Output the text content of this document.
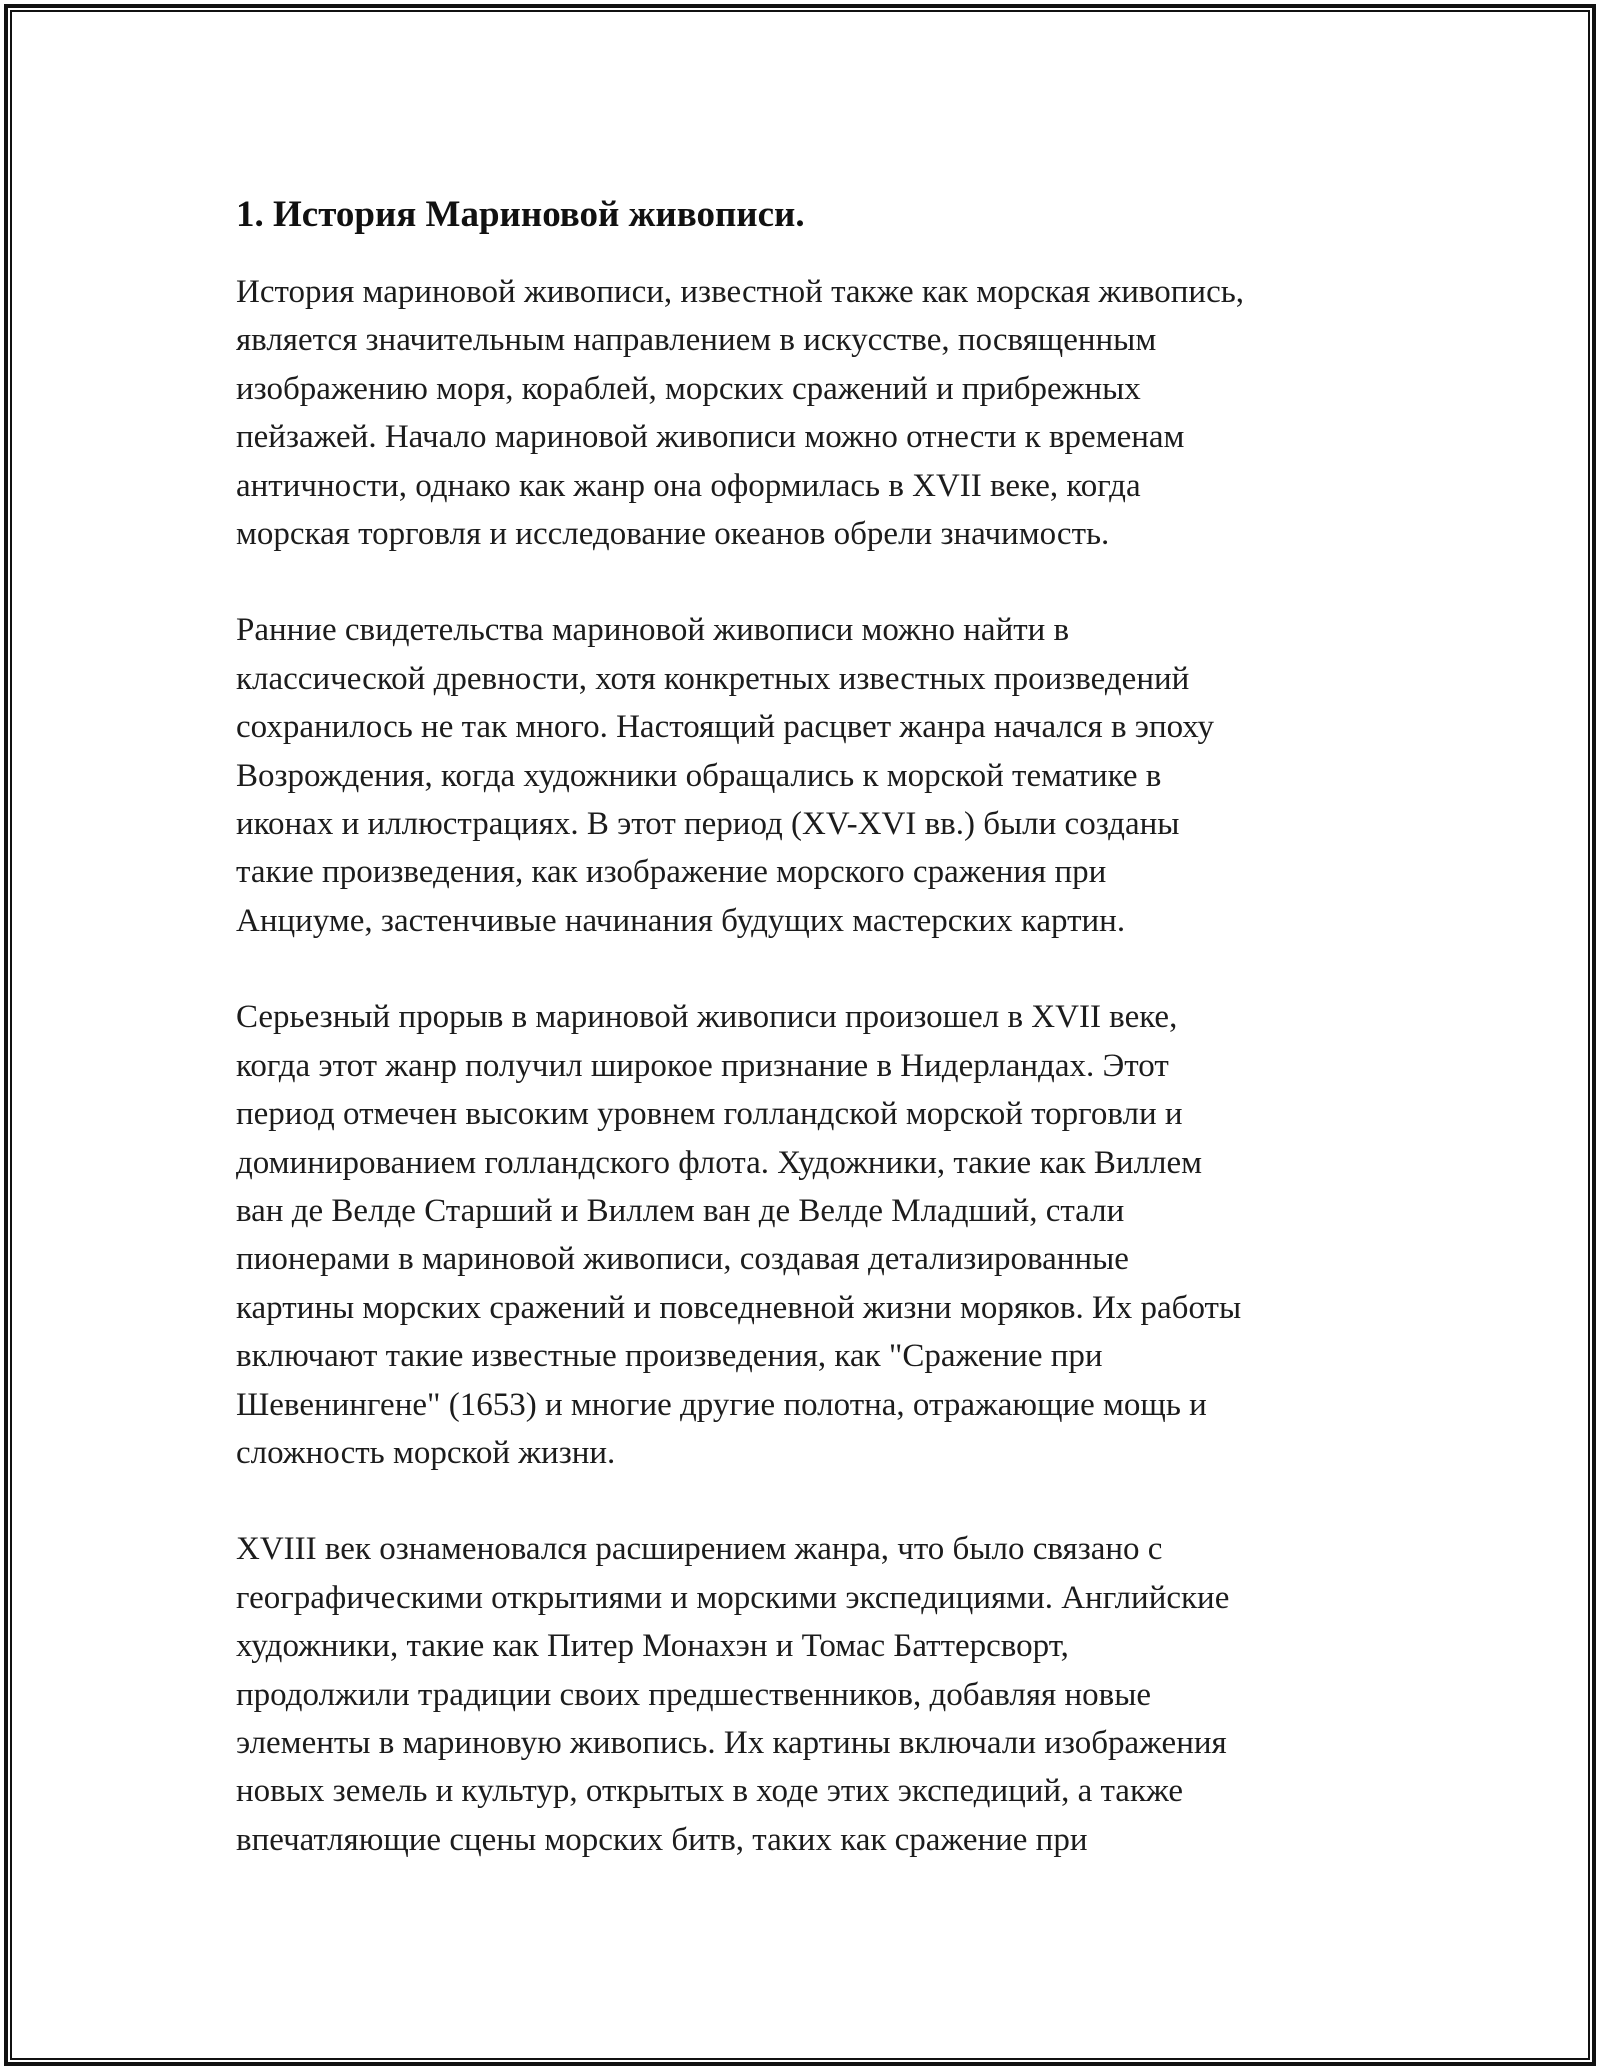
1. История Мариновой живописи.

История мариновой живописи, известной также как морская живопись,
является значительным направлением в искусстве, посвященным
изображению моря, кораблей, морских сражений и прибрежных
пейзажей. Начало мариновой живописи можно отнести к временам
античности, однако как жанр она оформилась в XVII веке, когда
морская торговля и исследование океанов обрели значимость.

Ранние свидетельства мариновой живописи можно найти в
классической древности, хотя конкретных известных произведений
сохранилось не так много. Настоящий расцвет жанра начался в эпоху
Возрождения, когда художники обращались к морской тематике в
иконах и иллюстрациях. В этот период (XV-XVI вв.) были созданы
такие произведения, как изображение морского сражения при
Анциуме, застенчивые начинания будущих мастерских картин.

Серьезный прорыв в мариновой живописи произошел в XVII веке,
когда этот жанр получил широкое признание в Нидерландах. Этот
период отмечен высоким уровнем голландской морской торговли и
доминированием голландского флота. Художники, такие как Виллем
ван де Велде Старший и Виллем ван де Велде Младший, стали
пионерами в мариновой живописи, создавая детализированные
картины морских сражений и повседневной жизни моряков. Их работы
включают такие известные произведения, как "Сражение при
Шевенингене" (1653) и многие другие полотна, отражающие мощь и
сложность морской жизни.

XVIII век ознаменовался расширением жанра, что было связано с
географическими открытиями и морскими экспедициями. Английские
художники, такие как Питер Монахэн и Томас Баттерсворт,
продолжили традиции своих предшественников, добавляя новые
элементы в мариновую живопись. Их картины включали изображения
новых земель и культур, открытых в ходе этих экспедиций, а также
впечатляющие сцены морских битв, таких как сражение при
